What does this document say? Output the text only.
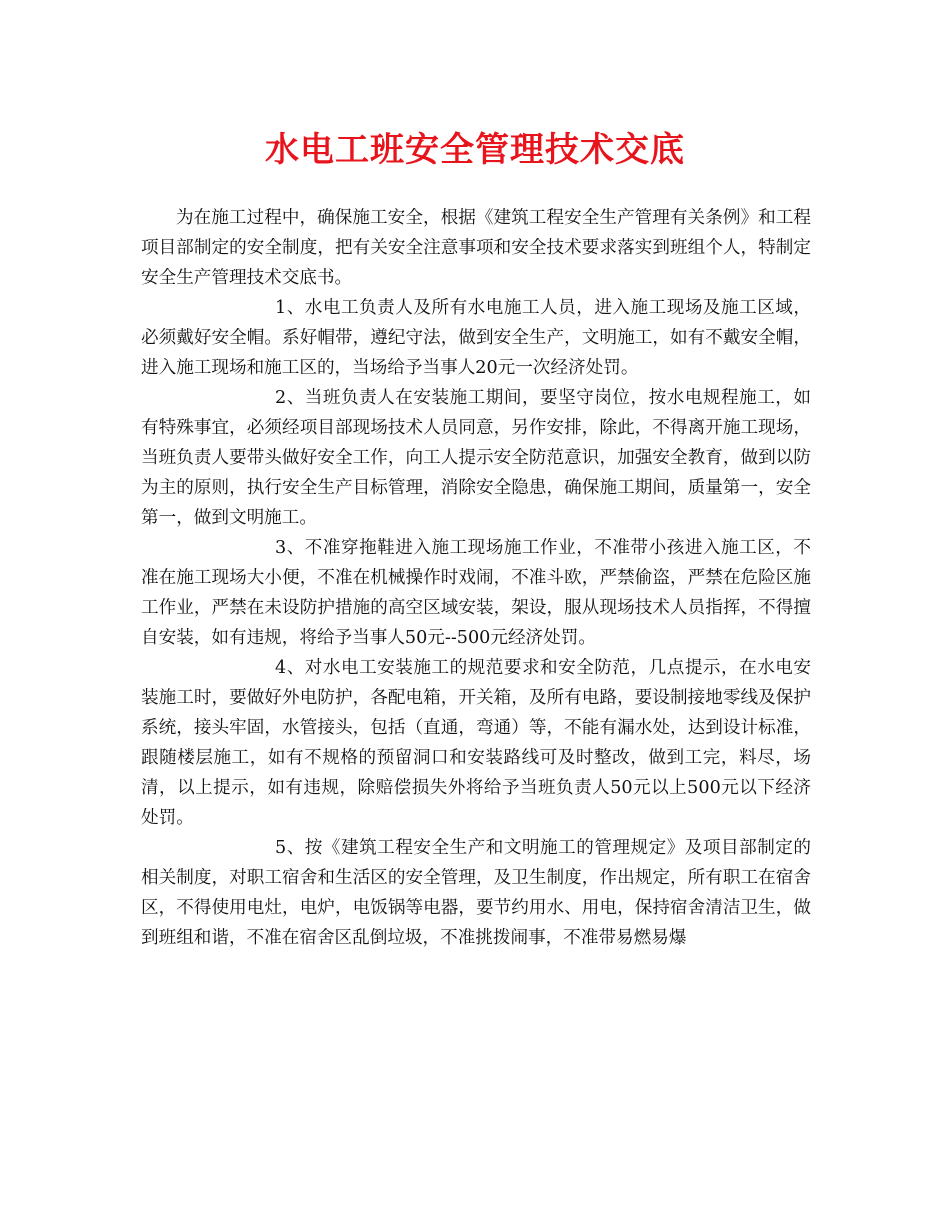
水电工班安全管理技术交底

为在施工过程中，确保施工安全，根据《建筑工程安全生产管理有关条例》和工程项目部制定的安全制度，把有关安全注意事项和安全技术要求落实到班组个人，特制定安全生产管理技术交底书。

1、水电工负责人及所有水电施工人员，进入施工现场及施工区域，必须戴好安全帽。系好帽带，遵纪守法，做到安全生产，文明施工，如有不戴安全帽，进入施工现场和施工区的，当场给予当事人20元一次经济处罚。

2、当班负责人在安装施工期间，要坚守岗位，按水电规程施工，如有特殊事宜，必须经项目部现场技术人员同意，另作安排，除此，不得离开施工现场，当班负责人要带头做好安全工作，向工人提示安全防范意识，加强安全教育，做到以防为主的原则，执行安全生产目标管理，消除安全隐患，确保施工期间，质量第一，安全第一，做到文明施工。

3、不准穿拖鞋进入施工现场施工作业，不准带小孩进入施工区，不准在施工现场大小便，不准在机械操作时戏闹，不准斗欧，严禁偷盗，严禁在危险区施工作业，严禁在未设防护措施的高空区域安装，架设，服从现场技术人员指挥，不得擅自安装，如有违规，将给予当事人50元--500元经济处罚。

4、对水电工安装施工的规范要求和安全防范，几点提示，在水电安装施工时，要做好外电防护，各配电箱，开关箱，及所有电路，要设制接地零线及保护系统，接头牢固，水管接头，包括（直通，弯通）等，不能有漏水处，达到设计标准，跟随楼层施工，如有不规格的预留洞口和安装路线可及时整改，做到工完，料尽，场清，以上提示，如有违规，除赔偿损失外将给予当班负责人50元以上500元以下经济处罚。

5、按《建筑工程安全生产和文明施工的管理规定》及项目部制定的相关制度，对职工宿舍和生活区的安全管理，及卫生制度，作出规定，所有职工在宿舍区，不得使用电灶，电炉，电饭锅等电器，要节约用水、用电，保持宿舍清洁卫生，做到班组和谐，不准在宿舍区乱倒垃圾，不准挑拨闹事，不准带易燃易爆
